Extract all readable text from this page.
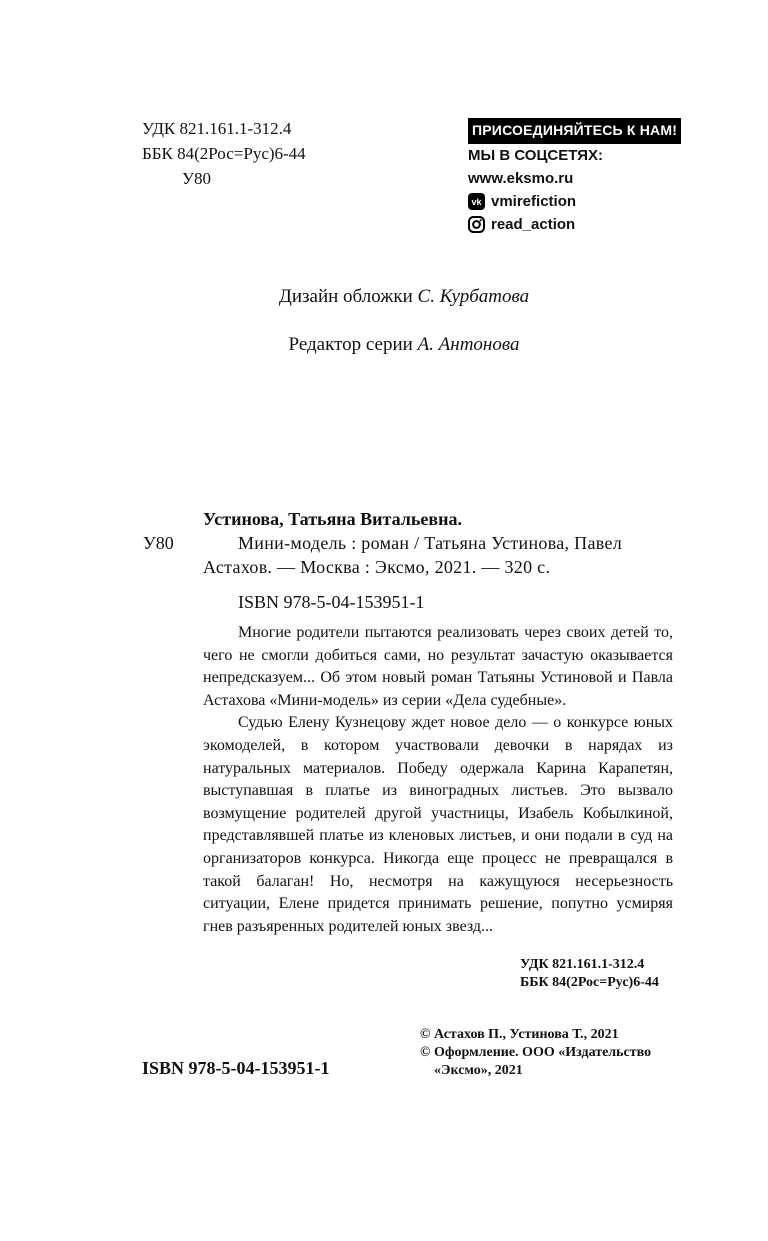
УДК 821.161.1-312.4
ББК 84(2Рос=Рус)6-44
У80
ПРИСОЕДИНЯЙТЕСЬ К НАМ!
МЫ В СОЦСЕТЯХ:
www.eksmo.ru
vk vmirefiction
read_action
Дизайн обложки С. Курбатова
Редактор серии А. Антонова
Устинова, Татьяна Витальевна.
У80	Мини-модель : роман / Татьяна Устинова, Павел
Астахов. — Москва : Эксмо, 2021. — 320 с.
ISBN 978-5-04-153951-1

Многие родители пытаются реализовать через своих детей то, чего не смогли добиться сами, но результат зачастую оказывается непредсказуем... Об этом новый роман Татьяны Устиновой и Павла Астахова «Мини-модель» из серии «Дела судебные».

Судью Елену Кузнецову ждет новое дело — о конкурсе юных экомоделей, в котором участвовали девочки в нарядах из натуральных материалов. Победу одержала Карина Карапетян, выступавшая в платье из виноградных листьев. Это вызвало возмущение родителей другой участницы, Изабель Кобылкиной, представлявшей платье из кленовых листьев, и они подали в суд на организаторов конкурса. Никогда еще процесс не превращался в такой балаган! Но, несмотря на кажущуюся несерьезность ситуации, Елене придется принимать решение, попутно усмиряя гнев разъяренных родителей юных звезд...

УДК 821.161.1-312.4
ББК 84(2Рос=Рус)6-44
© Астахов П., Устинова Т., 2021
© Оформление. ООО «Издательство
«Эксмо», 2021
ISBN 978-5-04-153951-1
